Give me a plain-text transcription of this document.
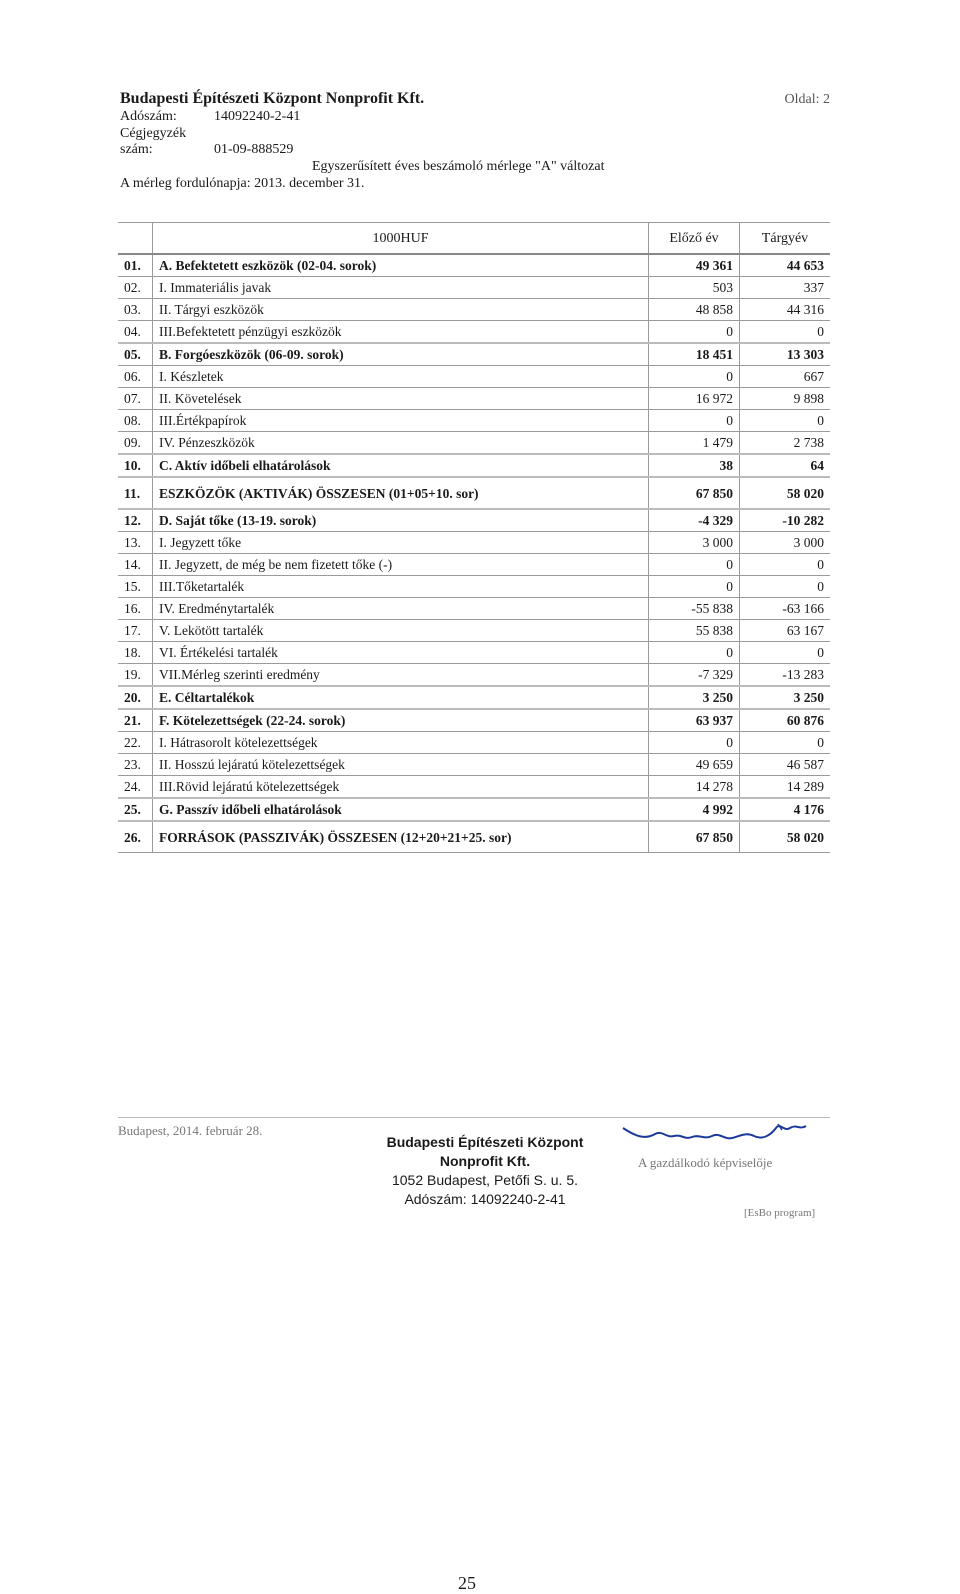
Budapesti Építészeti Központ Nonprofit Kft.
Adószám:	14092240-2-41
Cégjegyzék szám:	01-09-888529
Oldal: 2
Egyszerűsített éves beszámoló mérlege "A" változat
A mérleg fordulónapja: 2013. december 31.
	1000HUF	Előző év	Tárgyév
01.	A. Befektetett eszközök (02-04. sorok)	49 361	44 653
02.	I. Immateriális javak	503	337
03.	II. Tárgyi eszközök	48 858	44 316
04.	III.Befektetett pénzügyi eszközök	0	0
05.	B. Forgóeszközök (06-09. sorok)	18 451	13 303
06.	I. Készletek	0	667
07.	II. Követelések	16 972	9 898
08.	III.Értékpapírok	0	0
09.	IV. Pénzeszközök	1 479	2 738
10.	C. Aktív időbeli elhatárolások	38	64
11.	ESZKÖZÖK (AKTIVÁK) ÖSSZESEN (01+05+10. sor)	67 850	58 020
12.	D. Saját tőke (13-19. sorok)	-4 329	-10 282
13.	I. Jegyzett tőke	3 000	3 000
14.	II. Jegyzett, de még be nem fizetett tőke (-)	0	0
15.	III.Tőketartalék	0	0
16.	IV. Eredménytartalék	-55 838	-63 166
17.	V. Lekötött tartalék	55 838	63 167
18.	VI. Értékelési tartalék	0	0
19.	VII.Mérleg szerinti eredmény	-7 329	-13 283
20.	E. Céltartalékok	3 250	3 250
21.	F. Kötelezettségek (22-24. sorok)	63 937	60 876
22.	I. Hátrasorolt kötelezettségek	0	0
23.	II. Hosszú lejáratú kötelezettségek	49 659	46 587
24.	III.Rövid lejáratú kötelezettségek	14 278	14 289
25.	G. Passzív időbeli elhatárolások	4 992	4 176
26.	FORRÁSOK (PASSZIVÁK) ÖSSZESEN (12+20+21+25. sor)	67 850	58 020
Budapest, 2014. február 28.
Budapesti Építészeti Központ
Nonprofit Kft.
1052 Budapest, Petőfi S. u. 5.
Adószám: 14092240-2-41
A gazdálkodó képviselője
[EsBo program]
25
